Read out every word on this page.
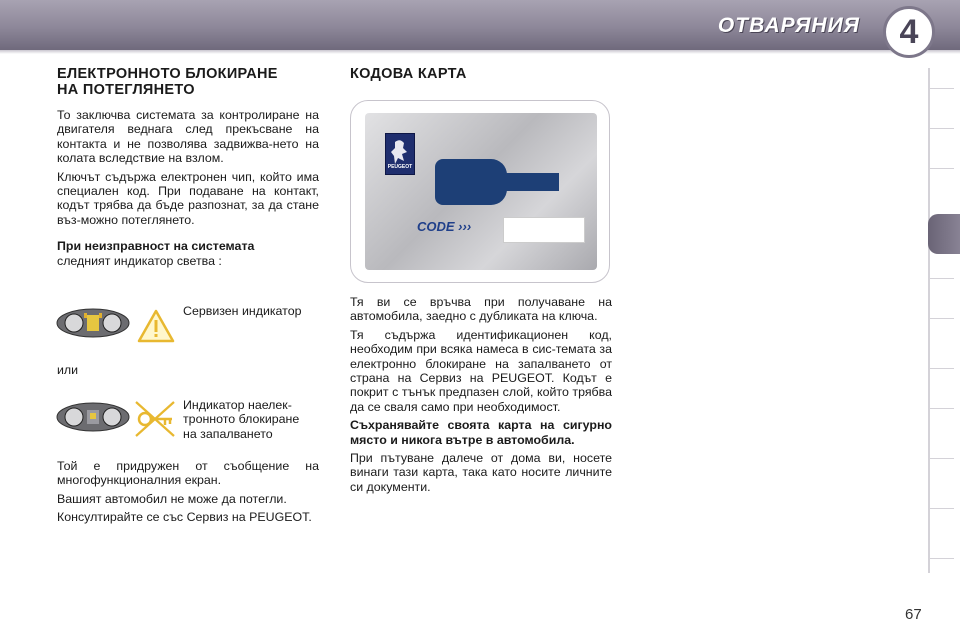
ОТВАРЯНИЯ	4

ЕЛЕКТРОННОТО БЛОКИРАНЕ

НА ПОТЕГЛЯНЕТО

То заключва системата за контролиране на двигателя веднага след прекъсване на контакта и не позволява задвижва-нето на колата вследствие на взлом.

Ключът съдържа електронен чип, който има специален код. При подаване на контакт, кодът трябва да бъде разпознат, за да стане въз-можно потеглянето.

При неизправност на системата

следният индикатор светва :

Сервизен индикатор
или
Индикатор наелек-тронното блокиране на запалването

Той е придружен от съобщение на многофункционалния екран.

Вашият автомобил не може да потегли.

Консултирайте се със Сервиз на PEUGEOT.

КОДОВА КАРТА

PEUGEOT
CODE ›››

Тя ви се връчва при получаване на автомобила, заедно с дубликата на ключа.

Тя съдържа идентификационен код, необходим при всяка намеса в сис-темата за електронно блокиране на запалването от страна на Сервиз на PEUGEOT. Кодът е покрит с тънък предпазен слой, който трябва да се сваля само при необходимост.

Съхранявайте своята карта на сигурно място и никога вътре в автомобила.

При пътуване далече от дома ви, носете винаги тази карта, така като носите личните си документи.

67
